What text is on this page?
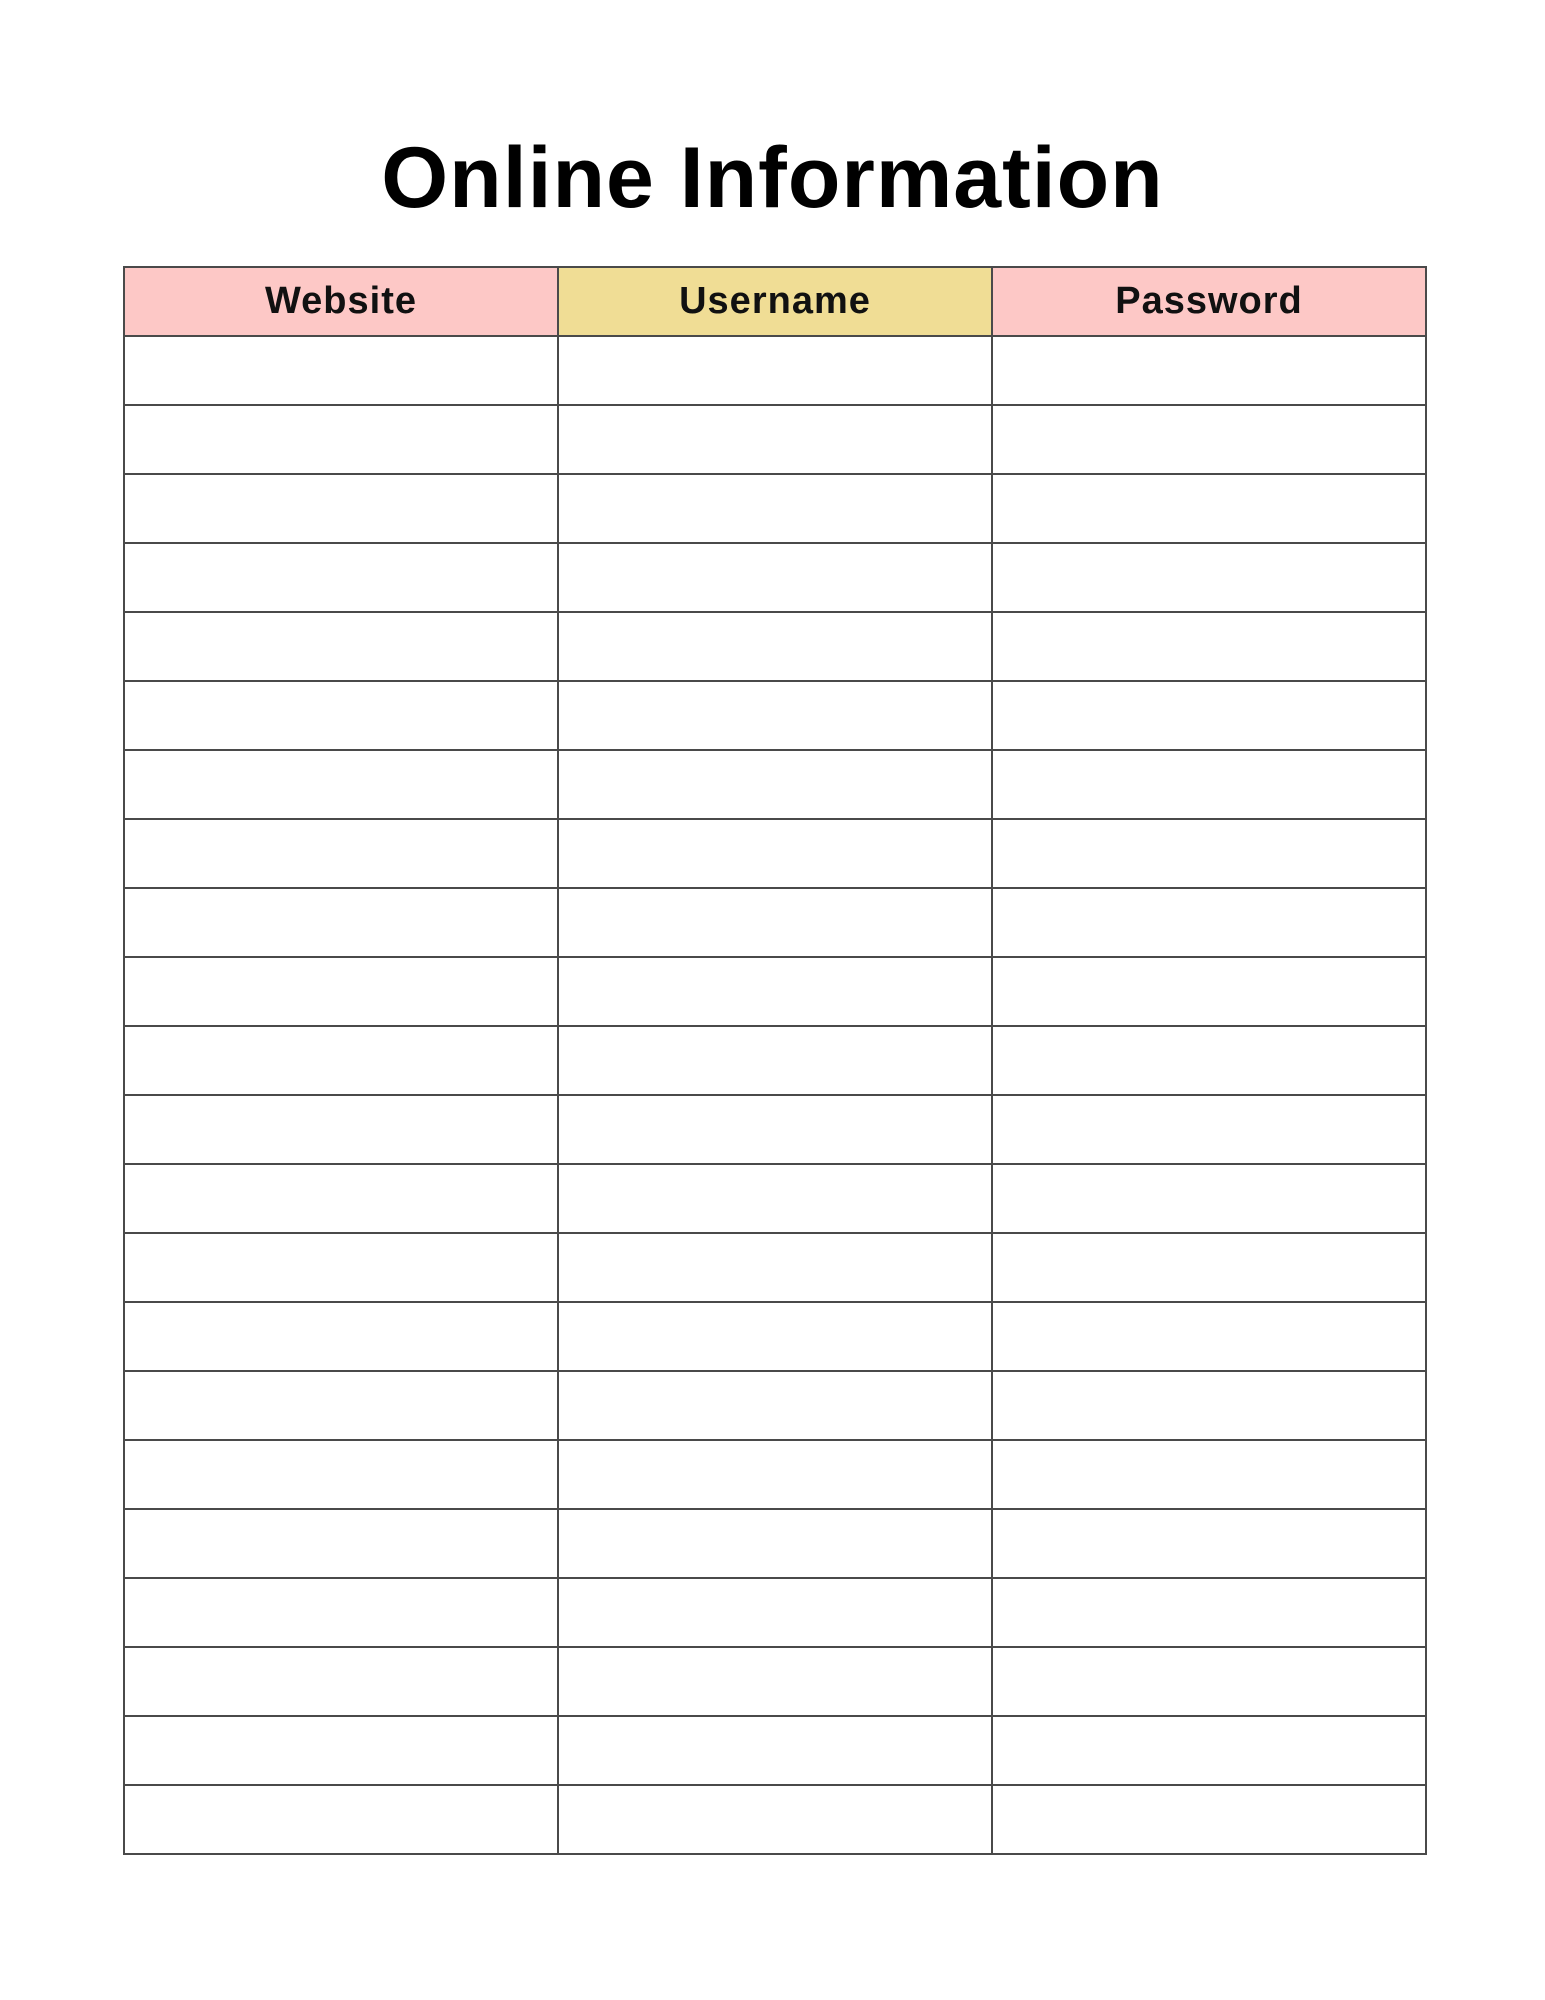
Online Information
Website	Username	Password
